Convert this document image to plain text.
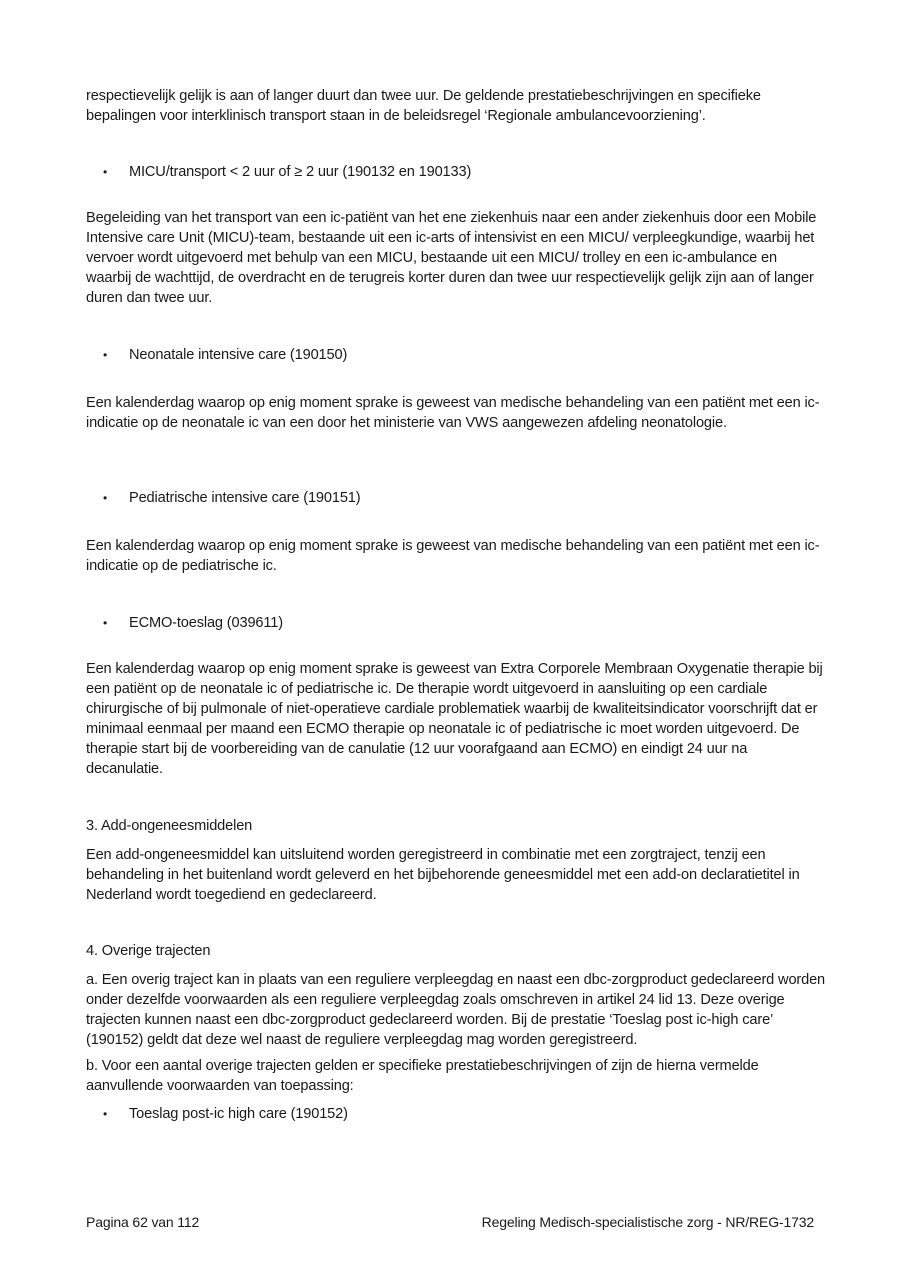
respectievelijk gelijk is aan of langer duurt dan twee uur. De geldende prestatiebeschrijvingen en specifieke bepalingen voor interklinisch transport staan in de beleidsregel ‘Regionale ambulancevoorziening’.

•	MICU/transport < 2 uur of ≥ 2 uur (190132 en 190133)

Begeleiding van het transport van een ic-patiënt van het ene ziekenhuis naar een ander ziekenhuis door een Mobile Intensive care Unit (MICU)-team, bestaande uit een ic-arts of intensivist en een MICU/ verpleegkundige, waarbij het vervoer wordt uitgevoerd met behulp van een MICU, bestaande uit een MICU/ trolley en een ic-ambulance en waarbij de wachttijd, de overdracht en de terugreis korter duren dan twee uur respectievelijk gelijk zijn aan of langer duren dan twee uur.

•	Neonatale intensive care (190150)

Een kalenderdag waarop op enig moment sprake is geweest van medische behandeling van een patiënt met een ic-indicatie op de neonatale ic van een door het ministerie van VWS aangewezen afdeling neonatologie.

•	Pediatrische intensive care (190151)

Een kalenderdag waarop op enig moment sprake is geweest van medische behandeling van een patiënt met een ic-indicatie op de pediatrische ic.

•	ECMO-toeslag (039611)

Een kalenderdag waarop op enig moment sprake is geweest van Extra Corporele Membraan Oxygenatie therapie bij een patiënt op de neonatale ic of pediatrische ic. De therapie wordt uitgevoerd in aansluiting op een cardiale chirurgische of bij pulmonale of niet-operatieve cardiale problematiek waarbij de kwaliteitsindicator voorschrijft dat er minimaal eenmaal per maand een ECMO therapie op neonatale ic of pediatrische ic moet worden uitgevoerd. De therapie start bij de voorbereiding van de canulatie (12 uur voorafgaand aan ECMO) en eindigt 24 uur na decanulatie.

3. Add-ongeneesmiddelen

Een add-ongeneesmiddel kan uitsluitend worden geregistreerd in combinatie met een zorgtraject, tenzij een behandeling in het buitenland wordt geleverd en het bijbehorende geneesmiddel met een add-on declaratietitel in Nederland wordt toegediend en gedeclareerd.

4. Overige trajecten

a. Een overig traject kan in plaats van een reguliere verpleegdag en naast een dbc-zorgproduct gedeclareerd worden onder dezelfde voorwaarden als een reguliere verpleegdag zoals omschreven in artikel 24 lid 13. Deze overige trajecten kunnen naast een dbc-zorgproduct gedeclareerd worden. Bij de prestatie ‘Toeslag post ic-high care’ (190152) geldt dat deze wel naast de reguliere verpleegdag mag worden geregistreerd.

b. Voor een aantal overige trajecten gelden er specifieke prestatiebeschrijvingen of zijn de hierna vermelde aanvullende voorwaarden van toepassing:

•	Toeslag post-ic high care (190152)
Pagina 62 van 112	Regeling Medisch-specialistische zorg - NR/REG-1732
